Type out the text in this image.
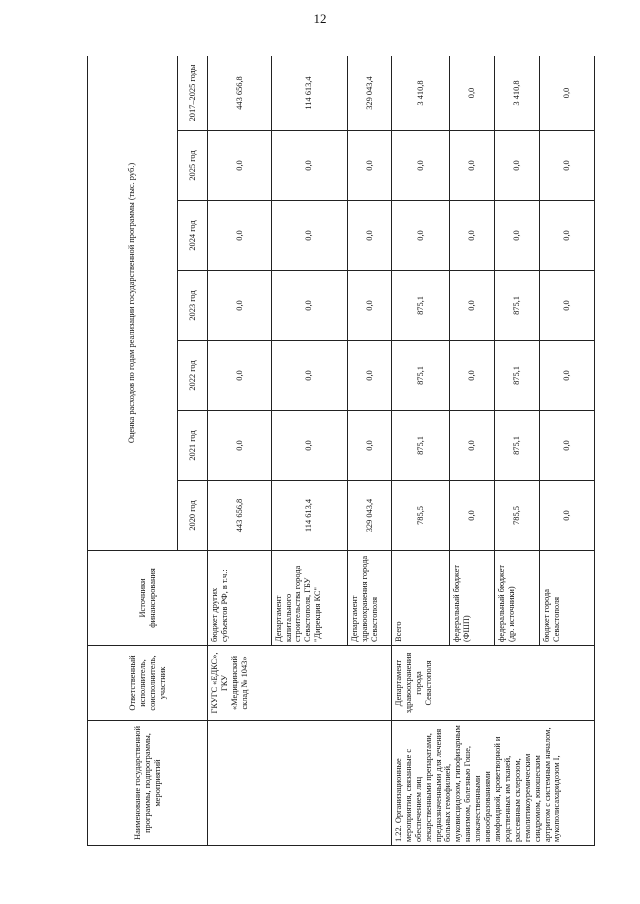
12
Наименование государственной программы, подпрограммы, мероприятий	Ответственный исполнитель, соисполнитель, участник	Источники финансирования	Оценка расходов по годам реализации государственной программы (тыс. руб.)						
			2020 год	2021 год	2022 год	2023 год	2024 год	2025 год	2017–2025 годы
	ГКУГС «ЕДКС», ГКУ «Медицинский склад № 1043»	бюджет других субъектов РФ, в т.ч.:	443 656,8	0,0	0,0	0,0	0,0	0,0	443 656,8
		Департамент капитального строительства города Севастополя, ГБУ "Дирекция КС"	114 613,4	0,0	0,0	0,0	0,0	0,0	114 613,4
		Департамент здравоохранения города Севастополя	329 043,4	0,0	0,0	0,0	0,0	0,0	329 043,4
1.22. Организационные мероприятия, связанные с обеспечением лиц лекарственными препаратами, предназначенными для лечения больных гемофилией, муковисцидозом, гипофизарным нанизмом, болезнью Гоше, злокачественными новообразованиями лимфоидной, кроветворной и родственных им тканей, рассеянным склерозом, гемолитикоуремическим синдромом, юношеским артритом с системным началом, мукополисахаридозом I,	Департамент здравоохранения города Севастополя	Всего	785,5	875,1	875,1	875,1	0,0	0,0	3 410,8
		федеральный бюджет (ФШП)	0,0	0,0	0,0	0,0	0,0	0,0	0,0
		федеральный бюджет (др. источники)	785,5	875,1	875,1	875,1	0,0	0,0	3 410,8
		бюджет города Севастополя	0,0	0,0	0,0	0,0	0,0	0,0	0,0
